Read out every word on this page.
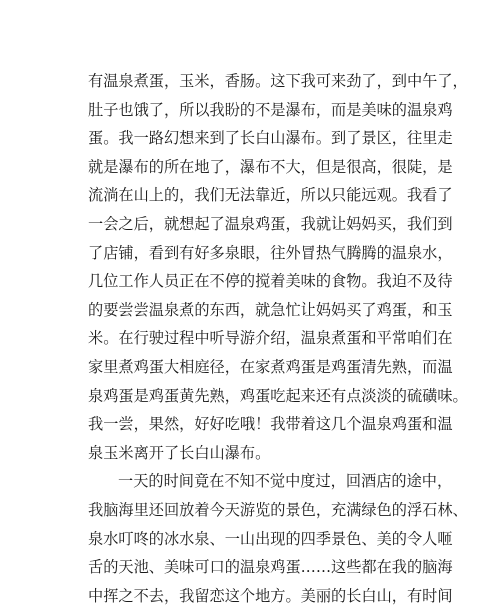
有温泉煮蛋，玉米，香肠。这下我可来劲了，到中午了，
肚子也饿了，所以我盼的不是瀑布，而是美味的温泉鸡
蛋。我一路幻想来到了长白山瀑布。到了景区，往里走
就是瀑布的所在地了，瀑布不大，但是很高，很陡，是
流淌在山上的，我们无法靠近，所以只能远观。我看了
一会之后，就想起了温泉鸡蛋，我就让妈妈买，我们到
了店铺，看到有好多泉眼，往外冒热气腾腾的温泉水，
几位工作人员正在不停的搅着美味的食物。我迫不及待
的要尝尝温泉煮的东西，就急忙让妈妈买了鸡蛋，和玉
米。在行驶过程中听导游介绍，温泉煮蛋和平常咱们在
家里煮鸡蛋大相庭径，在家煮鸡蛋是鸡蛋清先熟，而温
泉鸡蛋是鸡蛋黄先熟，鸡蛋吃起来还有点淡淡的硫磺味。
我一尝，果然，好好吃哦！我带着这几个温泉鸡蛋和温
泉玉米离开了长白山瀑布。
一天的时间竟在不知不觉中度过，回酒店的途中，
我脑海里还回放着今天游览的景色，充满绿色的浮石林、
泉水叮咚的冰水泉、一山出现的四季景色、美的令人咂
舌的天池、美味可口的温泉鸡蛋……这些都在我的脑海
中挥之不去，我留恋这个地方。美丽的长白山，有时间
